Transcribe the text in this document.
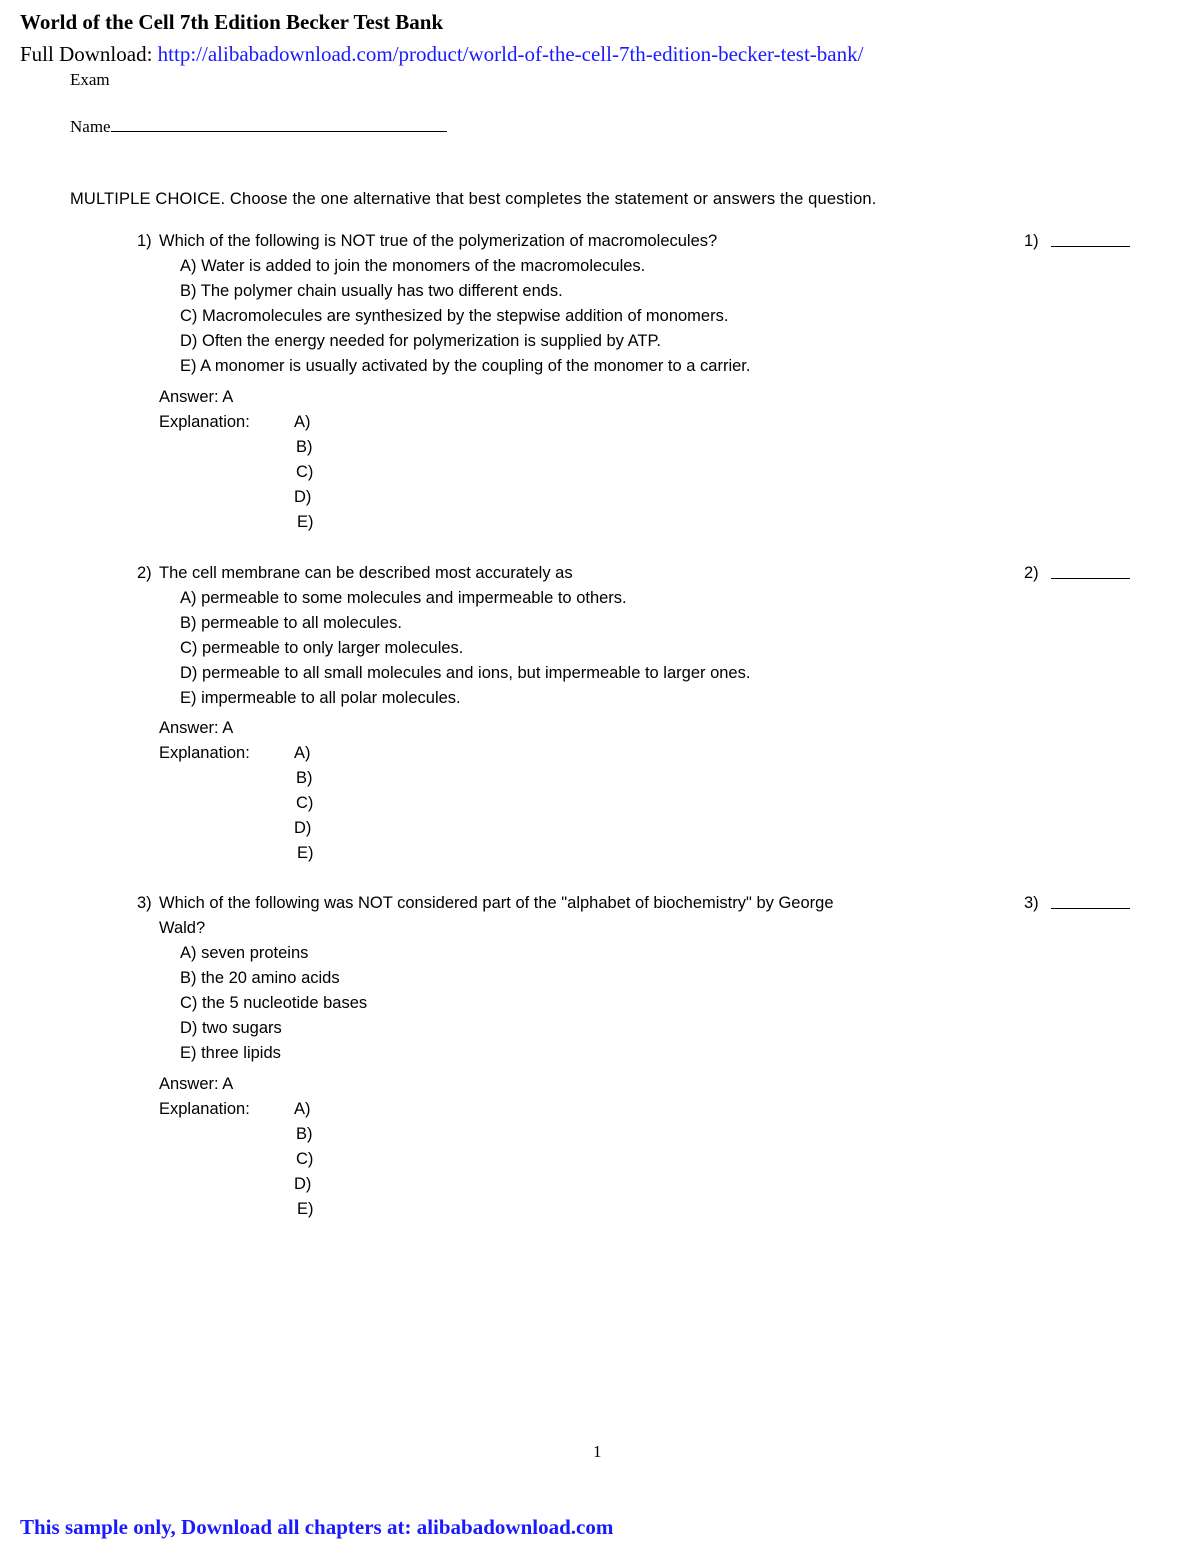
World of the Cell 7th Edition Becker Test Bank
Full Download: http://alibabadownload.com/product/world-of-the-cell-7th-edition-becker-test-bank/
Exam
Name
MULTIPLE CHOICE. Choose the one alternative that best completes the statement or answers the question.
1) Which of the following is NOT true of the polymerization of macromolecules?	1)
A) Water is added to join the monomers of the macromolecules.
B) The polymer chain usually has two different ends.
C) Macromolecules are synthesized by the stepwise addition of monomers.
D) Often the energy needed for polymerization is supplied by ATP.
E) A monomer is usually activated by the coupling of the monomer to a carrier.
Answer: A
Explanation:	A)
B)
C)
D)
E)
2) The cell membrane can be described most accurately as	2)
A) permeable to some molecules and impermeable to others.
B) permeable to all molecules.
C) permeable to only larger molecules.
D) permeable to all small molecules and ions, but impermeable to larger ones.
E) impermeable to all polar molecules.
Answer: A
Explanation:	A)
B)
C)
D)
E)
3) Which of the following was NOT considered part of the "alphabet of biochemistry" by George
Wald?
3)
A) seven proteins
B) the 20 amino acids
C) the 5 nucleotide bases
D) two sugars
E) three lipids
Answer: A
Explanation:	A)
B)
C)
D)
E)
1
This sample only, Download all chapters at: alibabadownload.com
